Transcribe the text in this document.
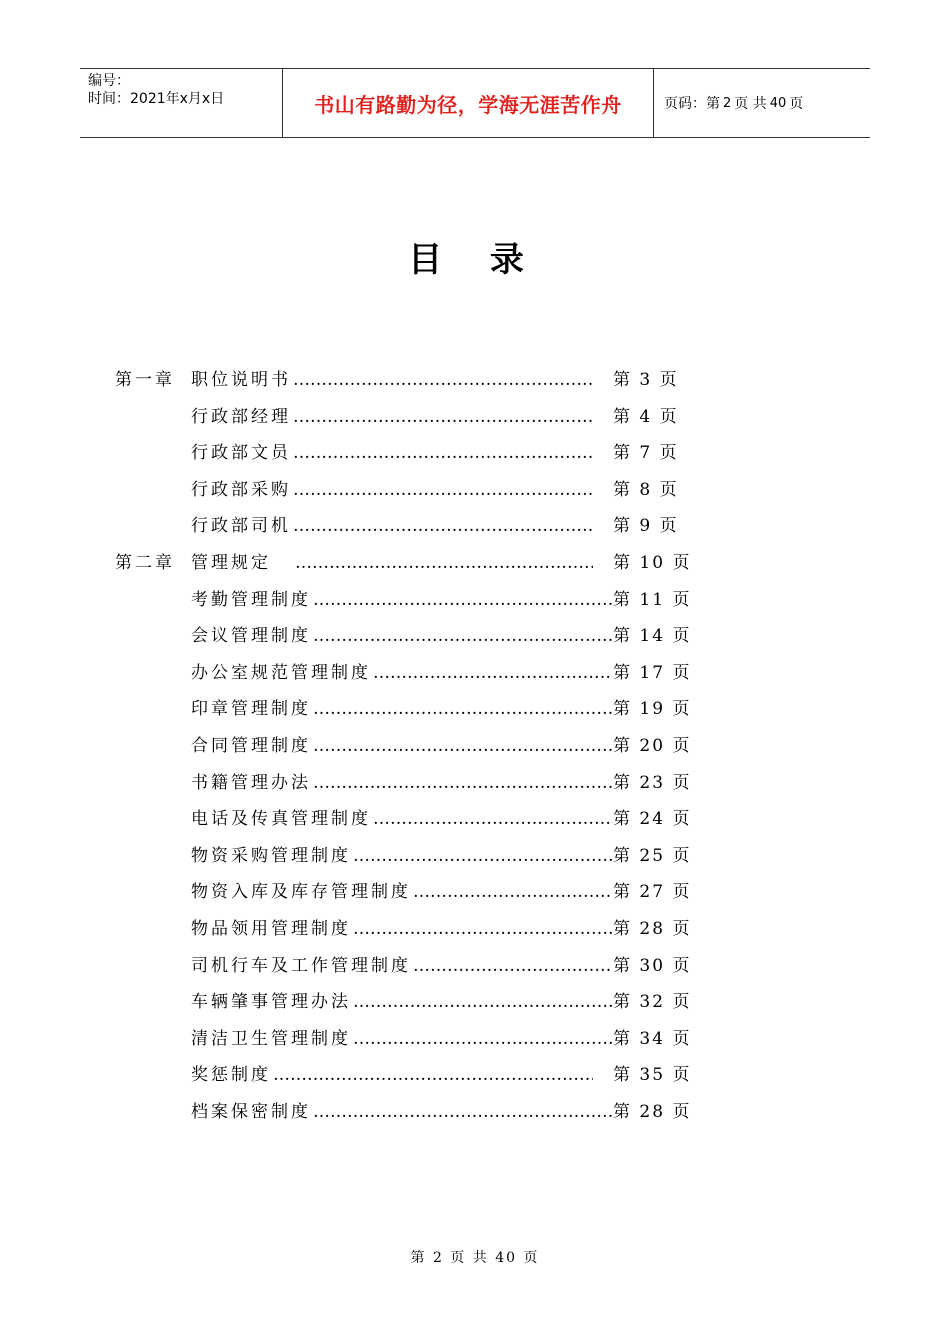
编号：
时间：2021年x月x日	书山有路勤为径，学海无涯苦作舟	页码：第 2 页 共 40 页
目 录
第一章 职位说明书 …………………………………………………………………………	第 3 页
行政部经理 …………………………………………………………………………	第 4 页
行政部文员 …………………………………………………………………………	第 7 页
行政部采购 …………………………………………………………………………	第 8 页
行政部司机 …………………………………………………………………………	第 9 页
第二章 管理规定 …………………………………………………………………………	第 10 页
考勤管理制度 …………………………………………………………………………	第 11 页
会议管理制度 …………………………………………………………………………	第 14 页
办公室规范管理制度 …………………………………………………………………………	第 17 页
印章管理制度 …………………………………………………………………………	第 19 页
合同管理制度 …………………………………………………………………………	第 20 页
书籍管理办法 …………………………………………………………………………	第 23 页
电话及传真管理制度 …………………………………………………………………………	第 24 页
物资采购管理制度 …………………………………………………………………………	第 25 页
物资入库及库存管理制度 …………………………………………………………………………	第 27 页
物品领用管理制度 …………………………………………………………………………	第 28 页
司机行车及工作管理制度 …………………………………………………………………………	第 30 页
车辆肇事管理办法 …………………………………………………………………………	第 32 页
清洁卫生管理制度 …………………………………………………………………………	第 34 页
奖惩制度 …………………………………………………………………………	第 35 页
档案保密制度 …………………………………………………………………………	第 28 页
第 2 页 共 40 页
